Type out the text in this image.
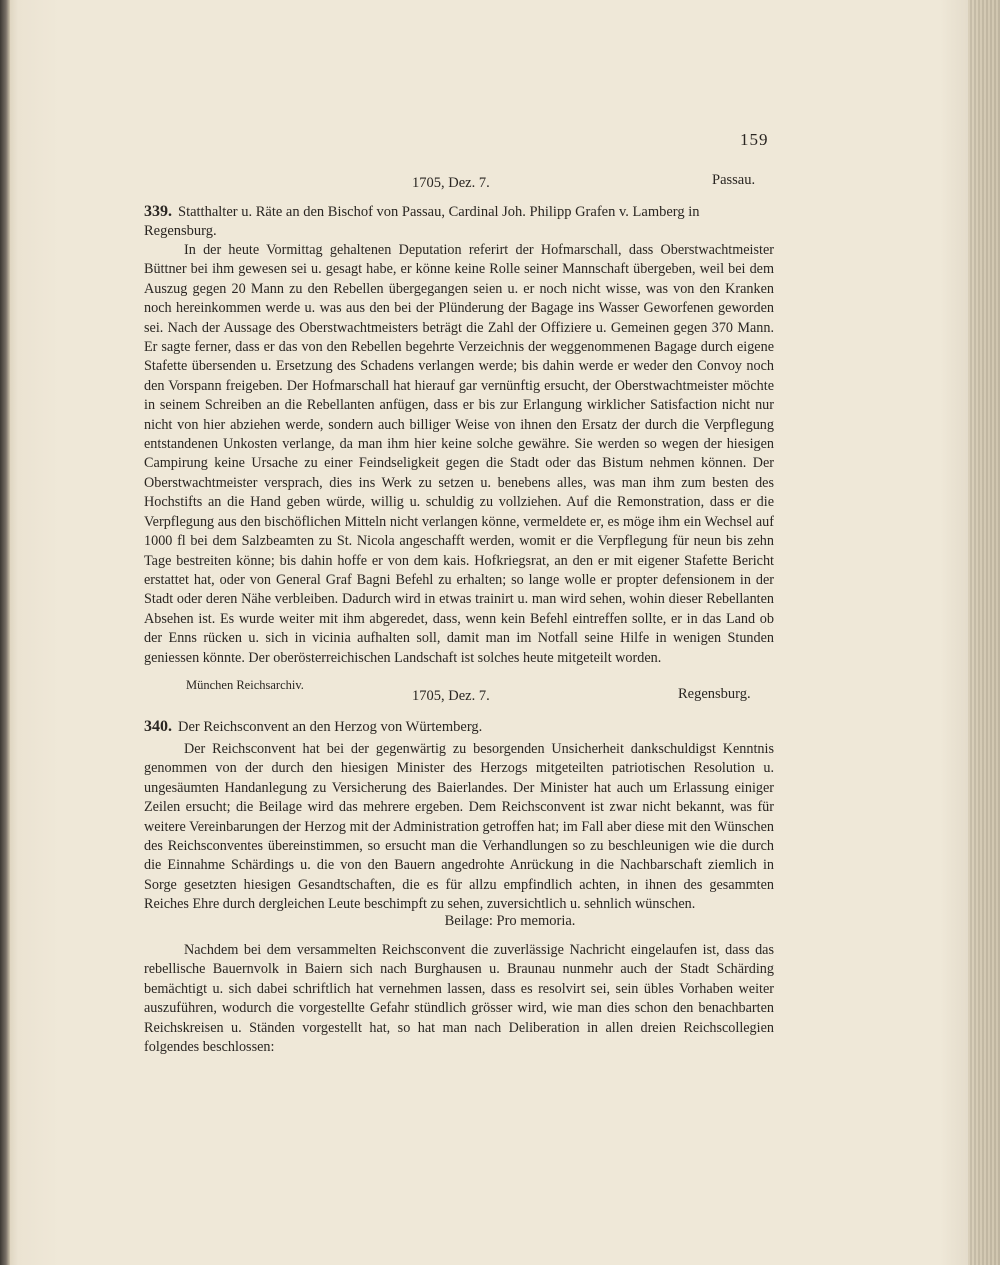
159
1705, Dez. 7.	Passau.
339. Statthalter u. Räte an den Bischof von Passau, Cardinal Joh. Philipp Grafen v. Lamberg in Regensburg.
In der heute Vormittag gehaltenen Deputation referirt der Hofmarschall, dass Oberstwachtmeister Büttner bei ihm gewesen sei u. gesagt habe, er könne keine Rolle seiner Mannschaft übergeben, weil bei dem Auszug gegen 20 Mann zu den Rebellen übergegangen seien u. er noch nicht wisse, was von den Kranken noch hereinkommen werde u. was aus den bei der Plünderung der Bagage ins Wasser Geworfenen geworden sei. Nach der Aussage des Oberstwachtmeisters beträgt die Zahl der Offiziere u. Gemeinen gegen 370 Mann. Er sagte ferner, dass er das von den Rebellen begehrte Verzeichnis der weggenommenen Bagage durch eigene Stafette übersenden u. Ersetzung des Schadens verlangen werde; bis dahin werde er weder den Convoy noch den Vorspann freigeben. Der Hofmarschall hat hierauf gar vernünftig ersucht, der Oberstwachtmeister möchte in seinem Schreiben an die Rebellanten anfügen, dass er bis zur Erlangung wirklicher Satisfaction nicht nur nicht von hier abziehen werde, sondern auch billiger Weise von ihnen den Ersatz der durch die Verpflegung entstandenen Unkosten verlange, da man ihm hier keine solche gewähre. Sie werden so wegen der hiesigen Campirung keine Ursache zu einer Feindseligkeit gegen die Stadt oder das Bistum nehmen können. Der Oberstwachtmeister versprach, dies ins Werk zu setzen u. benebens alles, was man ihm zum besten des Hochstifts an die Hand geben würde, willig u. schuldig zu vollziehen. Auf die Remonstration, dass er die Verpflegung aus den bischöflichen Mitteln nicht verlangen könne, vermeldete er, es möge ihm ein Wechsel auf 1000 fl bei dem Salzbeamten zu St. Nicola angeschafft werden, womit er die Verpflegung für neun bis zehn Tage bestreiten könne; bis dahin hoffe er von dem kais. Hofkriegsrat, an den er mit eigener Stafette Bericht erstattet hat, oder von General Graf Bagni Befehl zu erhalten; so lange wolle er propter defensionem in der Stadt oder deren Nähe verbleiben. Dadurch wird in etwas trainirt u. man wird sehen, wohin dieser Rebellanten Absehen ist. Es wurde weiter mit ihm abgeredet, dass, wenn kein Befehl eintreffen sollte, er in das Land ob der Enns rücken u. sich in vicinia aufhalten soll, damit man im Notfall seine Hilfe in wenigen Stunden geniessen könnte. Der oberösterreichischen Landschaft ist solches heute mitgeteilt worden.
München Reichsarchiv.
1705, Dez. 7.	Regensburg.
340. Der Reichsconvent an den Herzog von Würtemberg.
Der Reichsconvent hat bei der gegenwärtig zu besorgenden Unsicherheit dankschuldigst Kenntnis genommen von der durch den hiesigen Minister des Herzogs mitgeteilten patriotischen Resolution u. ungesäumten Handanlegung zu Versicherung des Baierlandes. Der Minister hat auch um Erlassung einiger Zeilen ersucht; die Beilage wird das mehrere ergeben. Dem Reichsconvent ist zwar nicht bekannt, was für weitere Vereinbarungen der Herzog mit der Administration getroffen hat; im Fall aber diese mit den Wünschen des Reichsconventes übereinstimmen, so ersucht man die Verhandlungen so zu beschleunigen wie die durch die Einnahme Schärdings u. die von den Bauern angedrohte Anrückung in die Nachbarschaft ziemlich in Sorge gesetzten hiesigen Gesandtschaften, die es für allzu empfindlich achten, in ihnen des gesammten Reiches Ehre durch dergleichen Leute beschimpft zu sehen, zuversichtlich u. sehnlich wünschen.
Beilage: Pro memoria.
Nachdem bei dem versammelten Reichsconvent die zuverlässige Nachricht eingelaufen ist, dass das rebellische Bauernvolk in Baiern sich nach Burghausen u. Braunau nunmehr auch der Stadt Schärding bemächtigt u. sich dabei schriftlich hat vernehmen lassen, dass es resolvirt sei, sein übles Vorhaben weiter auszuführen, wodurch die vorgestellte Gefahr stündlich grösser wird, wie man dies schon den benachbarten Reichskreisen u. Ständen vorgestellt hat, so hat man nach Deliberation in allen dreien Reichscollegien folgendes beschlossen:
